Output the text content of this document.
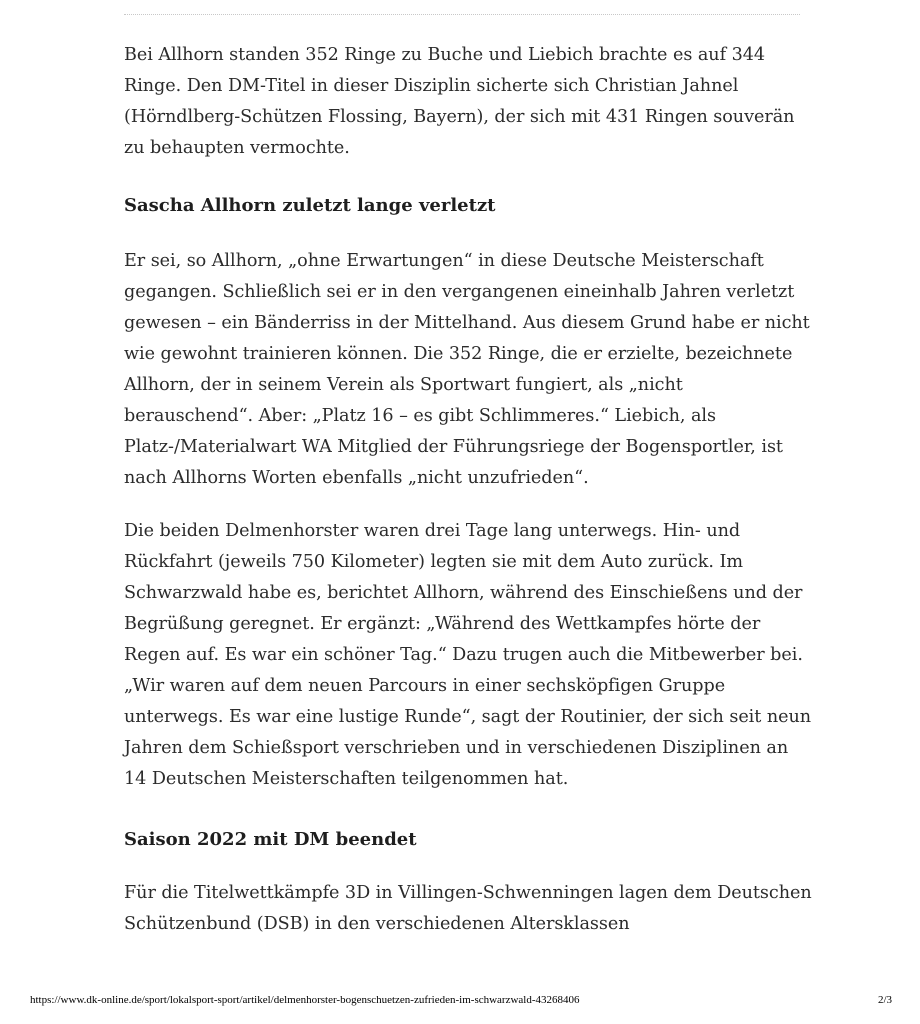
Bei Allhorn standen 352 Ringe zu Buche und Liebich brachte es auf 344 Ringe. Den DM-Titel in dieser Disziplin sicherte sich Christian Jahnel (Hörndlberg-Schützen Flossing, Bayern), der sich mit 431 Ringen souverän zu behaupten vermochte.

Sascha Allhorn zuletzt lange verletzt

Er sei, so Allhorn, „ohne Erwartungen“ in diese Deutsche Meisterschaft gegangen. Schließlich sei er in den vergangenen eineinhalb Jahren verletzt gewesen – ein Bänderriss in der Mittelhand. Aus diesem Grund habe er nicht wie gewohnt trainieren können. Die 352 Ringe, die er erzielte, bezeichnete Allhorn, der in seinem Verein als Sportwart fungiert, als „nicht berauschend“. Aber: „Platz 16 – es gibt Schlimmeres.“ Liebich, als Platz-/Materialwart WA Mitglied der Führungsriege der Bogensportler, ist nach Allhorns Worten ebenfalls „nicht unzufrieden“.

Die beiden Delmenhorster waren drei Tage lang unterwegs. Hin- und Rückfahrt (jeweils 750 Kilometer) legten sie mit dem Auto zurück. Im Schwarzwald habe es, berichtet Allhorn, während des Einschießens und der Begrüßung geregnet. Er ergänzt: „Während des Wettkampfes hörte der Regen auf. Es war ein schöner Tag.“ Dazu trugen auch die Mitbewerber bei. „Wir waren auf dem neuen Parcours in einer sechsköpfigen Gruppe unterwegs. Es war eine lustige Runde“, sagt der Routinier, der sich seit neun Jahren dem Schießsport verschrieben und in verschiedenen Disziplinen an 14 Deutschen Meisterschaften teilgenommen hat.

Saison 2022 mit DM beendet

Für die Titelwettkämpfe 3D in Villingen-Schwenningen lagen dem Deutschen Schützenbund (DSB) in den verschiedenen Altersklassen

https://www.dk-online.de/sport/lokalsport-sport/artikel/delmenhorster-bogenschuetzen-zufrieden-im-schwarzwald-43268406	2/3
